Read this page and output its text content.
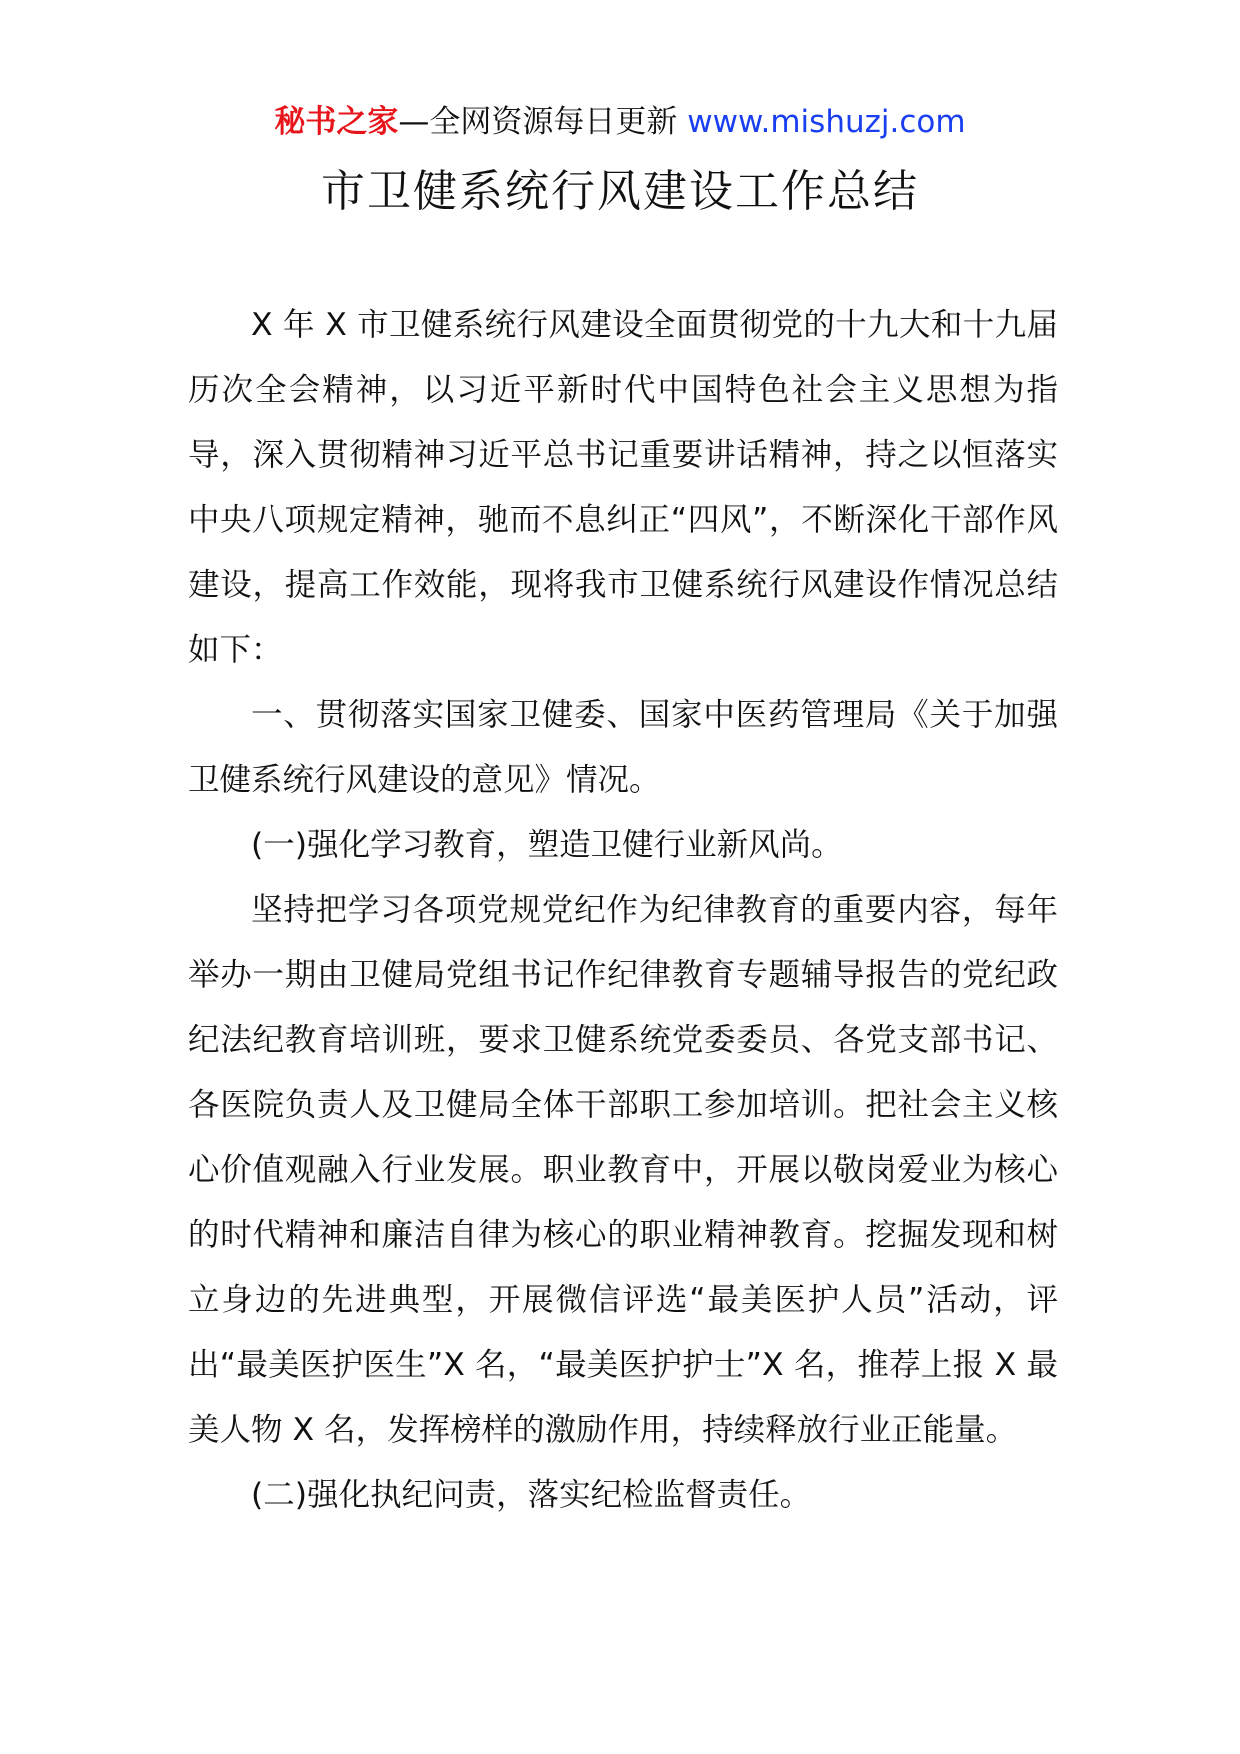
秘书之家—全网资源每日更新 www.mishuzj.com
市卫健系统行风建设工作总结

X 年 X 市卫健系统行风建设全面贯彻党的十九大和十九届历次全会精神，以习近平新时代中国特色社会主义思想为指导，深入贯彻精神习近平总书记重要讲话精神，持之以恒落实中央八项规定精神，驰而不息纠正“四风”，不断深化干部作风建设，提高工作效能，现将我市卫健系统行风建设作情况总结如下：

一、贯彻落实国家卫健委、国家中医药管理局《关于加强卫健系统行风建设的意见》情况。

(一)强化学习教育，塑造卫健行业新风尚。

坚持把学习各项党规党纪作为纪律教育的重要内容，每年举办一期由卫健局党组书记作纪律教育专题辅导报告的党纪政纪法纪教育培训班，要求卫健系统党委委员、各党支部书记、各医院负责人及卫健局全体干部职工参加培训。把社会主义核心价值观融入行业发展。职业教育中，开展以敬岗爱业为核心的时代精神和廉洁自律为核心的职业精神教育。挖掘发现和树立身边的先进典型，开展微信评选“最美医护人员”活动，评出“最美医护医生”X 名，“最美医护护士”X 名，推荐上报 X 最美人物 X 名，发挥榜样的激励作用，持续释放行业正能量。

(二)强化执纪问责，落实纪检监督责任。
